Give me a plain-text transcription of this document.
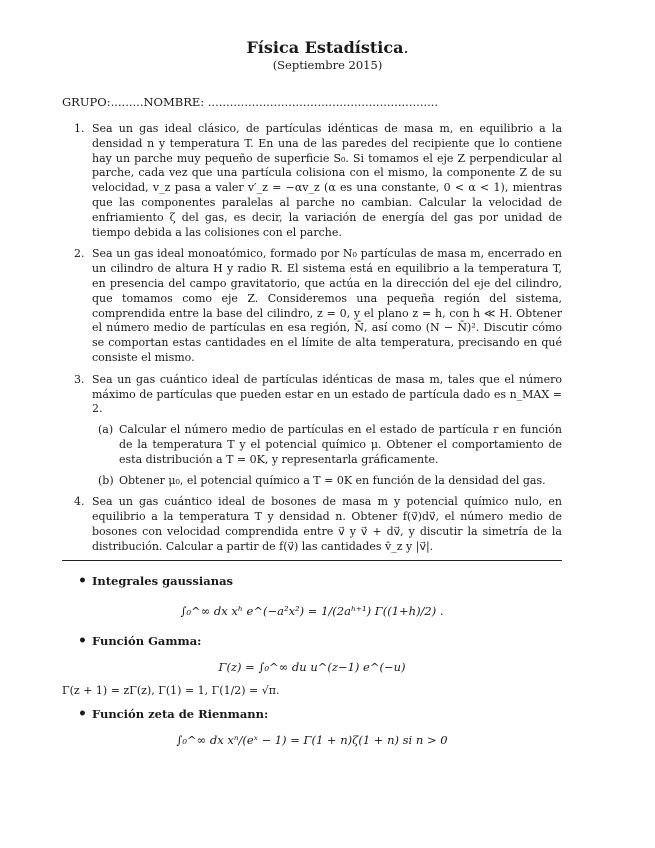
Física Estadística.
(Septiembre 2015)
GRUPO:.........NOMBRE: ...............................................................
1. Sea un gas ideal clásico, de partículas idénticas de masa m, en equilibrio a la densidad n y temperatura T. En una de las paredes del recipiente que lo contiene hay un parche muy pequeño de superficie S₀. Si tomamos el eje Z perpendicular al parche, cada vez que una partícula colisiona con el mismo, la componente Z de su velocidad, v_z pasa a valer v′_z = −αv_z (α es una constante, 0 < α < 1), mientras que las componentes paralelas al parche no cambian. Calcular la velocidad de enfriamiento ζ del gas, es decir, la variación de energía del gas por unidad de tiempo debida a las colisiones con el parche.
2. Sea un gas ideal monoatómico, formado por N₀ partículas de masa m, encerrado en un cilindro de altura H y radio R. El sistema está en equilibrio a la temperatura T, en presencia del campo gravitatorio, que actúa en la dirección del eje del cilindro, que tomamos como eje Z. Consideremos una pequeña región del sistema, comprendida entre la base del cilindro, z = 0, y el plano z = h, con h ≪ H. Obtener el número medio de partículas en esa región, N̄, así como (N − N̄)². Discutir cómo se comportan estas cantidades en el límite de alta temperatura, precisando en qué consiste el mismo.
3. Sea un gas cuántico ideal de partículas idénticas de masa m, tales que el número máximo de partículas que pueden estar en un estado de partícula dado es n_MAX = 2.
(a) Calcular el número medio de partículas en el estado de partícula r en función de la temperatura T y el potencial químico μ. Obtener el comportamiento de esta distribución a T = 0K, y representarla gráficamente.
(b) Obtener μ₀, el potencial químico a T = 0K en función de la densidad del gas.
4. Sea un gas cuántico ideal de bosones de masa m y potencial químico nulo, en equilibrio a la temperatura T y densidad n. Obtener f(v⃗)dv⃗, el número medio de bosones con velocidad comprendida entre v⃗ y v⃗ + dv⃗, y discutir la simetría de la distribución. Calcular a partir de f(v⃗) las cantidades v̄_z y |v⃗|.
• Integrales gaussianas
∫₀^∞ dx xʰ e^(−a²x²) = 1/(2aʰ⁺¹) Γ((1+h)/2) .
• Función Gamma:
Γ(z) = ∫₀^∞ du u^(z−1) e^(−u)
Γ(z + 1) = zΓ(z), Γ(1) = 1, Γ(1/2) = √π.
• Función zeta de Rienmann:
∫₀^∞ dx xⁿ/(eˣ − 1) = Γ(1 + n)ζ(1 + n) si n > 0
